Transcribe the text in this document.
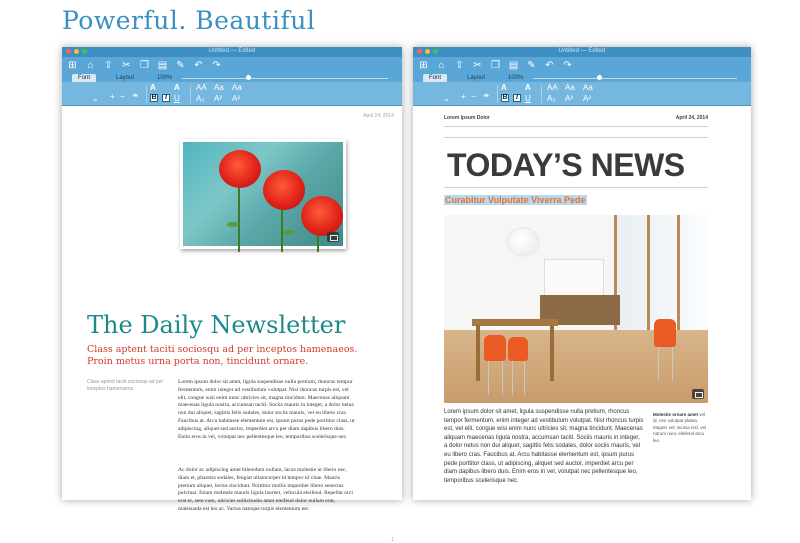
Powerful. Beautiful
Untitled — Edited
⊞	⌂	⇪ ✂ ❐ ▤ ✎ ↶ ↷
Font	Layout	100%
⌄ + − ❧
A
B	I
A
U
AA Aa Aa
A₂ A² A²
April 24, 2014
The Daily Newsletter
Class aptent taciti sociosqu ad per inceptos hamenaeos. Proin metus urna porta non, tincidunt ornare.
Class aptent taciti sociosqu ad per inceptos hamenaeos.
Lorem ipsum dolor sit amet, ligula suspendisse nulla pretium, rhoncus tempor fermentum, enim integer ad vestibulum volutpat. Nisl rhoncus turpis est, vel elit, congue wisi enim nunc ultricies sit, magna tincidunt. Maecenas aliquam maecenas ligula nostra, accumsan taciti. Sociis mauris in integer, a dolor netus non dui aliquet, sagittis felis sodales, dolor sociis mauris, vel eu libero cras. Faucibus at. Arcu habitasse elementum est, ipsum purus pede porttitor class, ut adipiscing, aliquet sed auctor, imperdiet arcu per diam dapibus libero duis. Enim eros in vel, volutpat nec pellentesque leo, temporibus scelerisque nec.
Ac dolor ac adipiscing amet bibendum nullam, lacus molestie ut libero nec, diam et, pharetra sodales, feugiat ullamcorper id tempor id vitae. Mauris pretium aliquet, lectus tincidunt. Porttitor mollis imperdiet libero senectus pulvinar. Etiam molestie mauris ligula laoreet, vehicula eleifend. Repellat orci erat et, sem cum, ultricies sollicitudin amet eleifend dolor nullam erat, malesuada est leo ac. Varius natoque turpis elementum est.
1
Untitled — Edited
⊞	⌂	⇪ ✂ ❐ ▤ ✎ ↶ ↷
Font	Layout	100%
⌄ + − ❧
A
B	I
A
U
AA Aa Aa
A₂ A² A²
Lorem Ipsum Dolor	April 24, 2014
TODAY’S NEWS
Curabitur Vulputate Viverra Pede
Lorem ipsum dolor sit amet, ligula suspendisse nulla pretium, rhoncus tempor fermentum, enim integer ad vestibulum volutpat. Nisl rhoncus turpis est, vel elit, congue wisi enim nunc ultricies sit, magna tincidunt. Maecenas aliquam maecenas ligula nostra, accumsan taciti. Sociis mauris in integer, a dolor netus non dui aliquet, sagittis felis sodales, dolor sociis mauris, vel eu libero cras. Faucibus at. Arcu habitasse elementum est, ipsum purus pede porttitor class, ut adipiscing, aliquet sed auctor, imperdiet arcu per diam dapibus libero duis. Enim eros in vel, volutpat nec pellentesque leo, temporibus scelerisque nec.
Molestie ornare amet vel id, nim volutpat platea. Magnis vel, lacinia nisl, vel rutrum nunc eleifend arcu leo.
